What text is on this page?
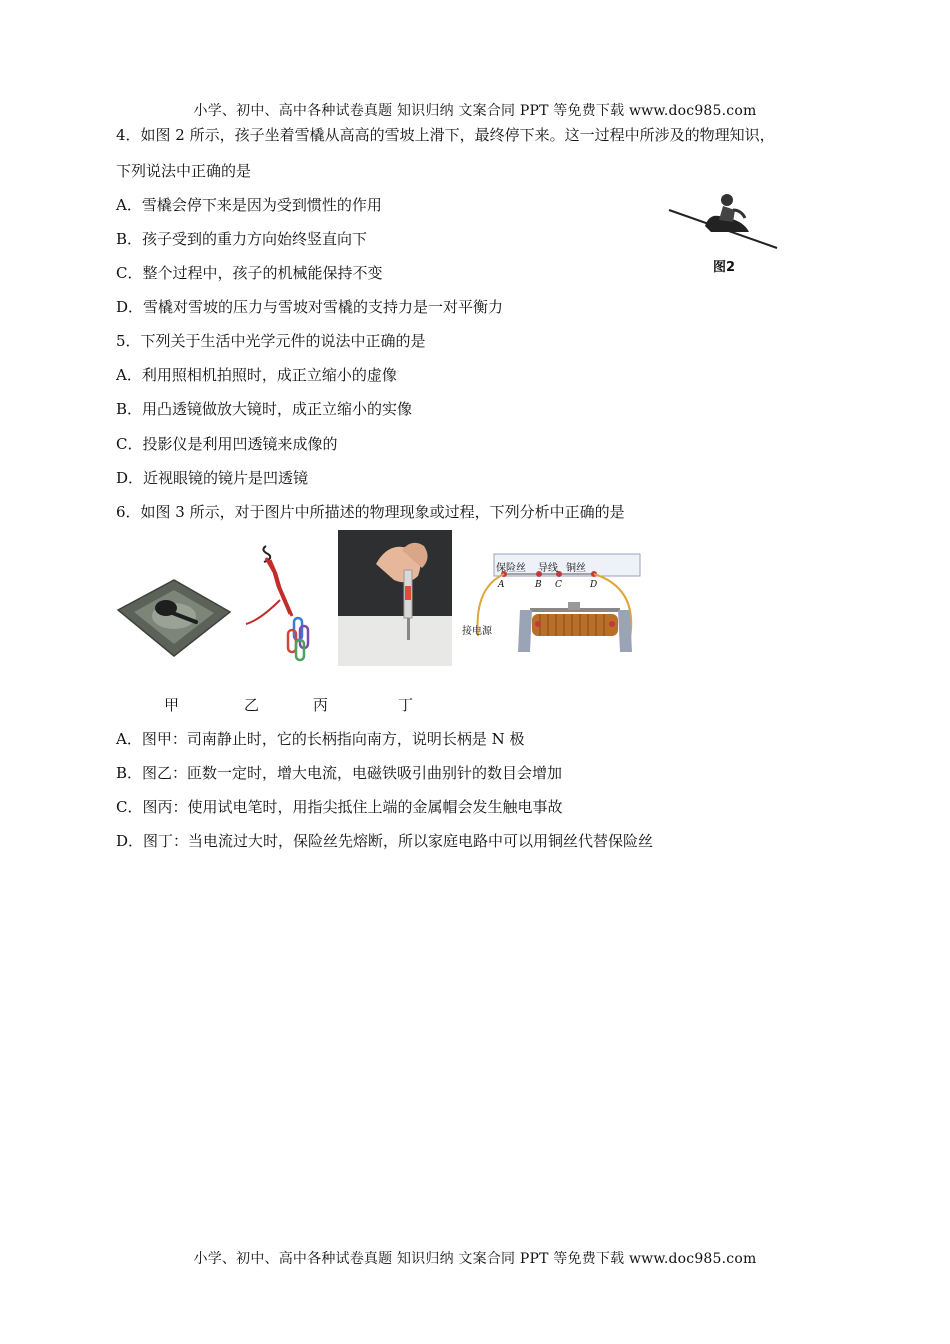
小学、初中、高中各种试卷真题 知识归纳 文案合同 PPT 等免费下载 www.doc985.com
4．如图 2 所示，孩子坐着雪橇从高高的雪坡上滑下，最终停下来。这一过程中所涉及的物理知识，
下列说法中正确的是
A．雪橇会停下来是因为受到惯性的作用
B．孩子受到的重力方向始终竖直向下
C．整个过程中，孩子的机械能保持不变
D．雪橇对雪坡的压力与雪坡对雪橇的支持力是一对平衡力
图2
5．下列关于生活中光学元件的说法中正确的是
A．利用照相机拍照时，成正立缩小的虚像
B．用凸透镜做放大镜时，成正立缩小的实像
C．投影仪是利用凹透镜来成像的
D．近视眼镜的镜片是凹透镜
6．如图 3 所示，对于图片中所描述的物理现象或过程，下列分析中正确的是
保险丝 导线 铜丝
A	B C	D
接电源
甲	乙	丙	丁
A．图甲：司南静止时，它的长柄指向南方，说明长柄是 N 极
B．图乙：匝数一定时，增大电流，电磁铁吸引曲别针的数目会增加
C．图丙：使用试电笔时，用指尖抵住上端的金属帽会发生触电事故
D．图丁：当电流过大时，保险丝先熔断，所以家庭电路中可以用铜丝代替保险丝
小学、初中、高中各种试卷真题 知识归纳 文案合同 PPT 等免费下载 www.doc985.com
